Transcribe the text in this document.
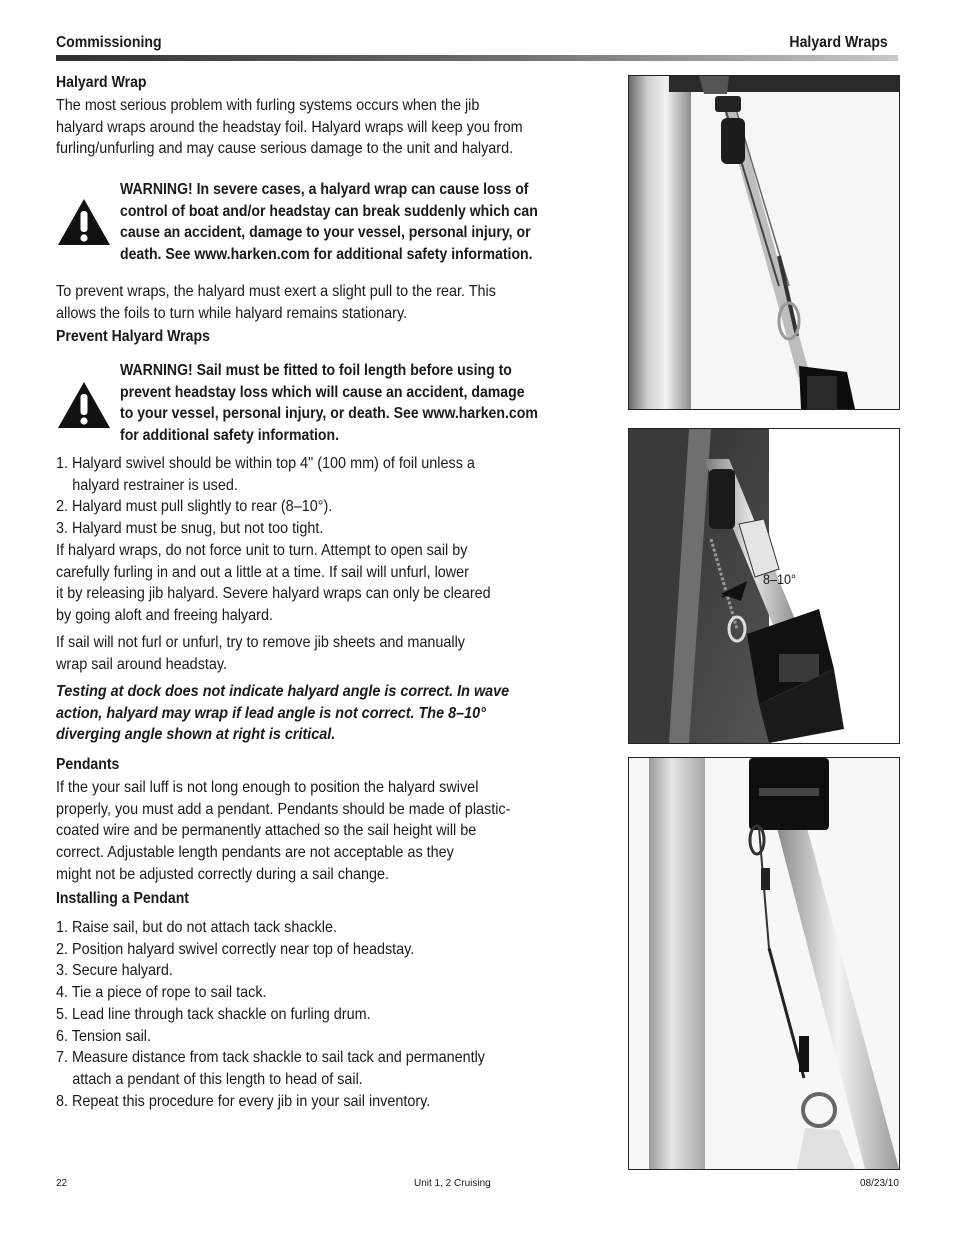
Commissioning	Halyard Wraps
Halyard Wrap
The most serious problem with furling systems occurs when the jib
halyard wraps around the headstay foil. Halyard wraps will keep you from
furling/unfurling and may cause serious damage to the unit and halyard.
WARNING! In severe cases, a halyard wrap can cause loss of
control of boat and/or headstay can break suddenly which can
cause an accident, damage to your vessel, personal injury, or
death. See www.harken.com for additional safety information.
To prevent wraps, the halyard must exert a slight pull to the rear. This
allows the foils to turn while halyard remains stationary.
Prevent Halyard Wraps
WARNING! Sail must be fitted to foil length before using to
prevent headstay loss which will cause an accident, damage
to your vessel, personal injury, or death. See www.harken.com
for additional safety information.
1. Halyard swivel should be within top 4" (100 mm) of foil unless a
halyard restrainer is used.
2. Halyard must pull slightly to rear (8–10°).
3. Halyard must be snug, but not too tight.
If halyard wraps, do not force unit to turn. Attempt to open sail by
carefully furling in and out a little at a time. If sail will unfurl, lower
it by releasing jib halyard. Severe halyard wraps can only be cleared
by going aloft and freeing halyard.
If sail will not furl or unfurl, try to remove jib sheets and manually
wrap sail around headstay.
Testing at dock does not indicate halyard angle is correct. In wave
action, halyard may wrap if lead angle is not correct. The 8–10°
diverging angle shown at right is critical.
Pendants
If the your sail luff is not long enough to position the halyard swivel
properly, you must add a pendant. Pendants should be made of plastic-
coated wire and be permanently attached so the sail height will be
correct. Adjustable length pendants are not acceptable as they
might not be adjusted correctly during a sail change.
Installing a Pendant
1. Raise sail, but do not attach tack shackle.
2. Position halyard swivel correctly near top of headstay.
3. Secure halyard.
4. Tie a piece of rope to sail tack.
5. Lead line through tack shackle on furling drum.
6. Tension sail.
7. Measure distance from tack shackle to sail tack and permanently
attach a pendant of this length to head of sail.
8. Repeat this procedure for every jib in your sail inventory.
8–10°
22	Unit 1, 2 Cruising	08/23/10
